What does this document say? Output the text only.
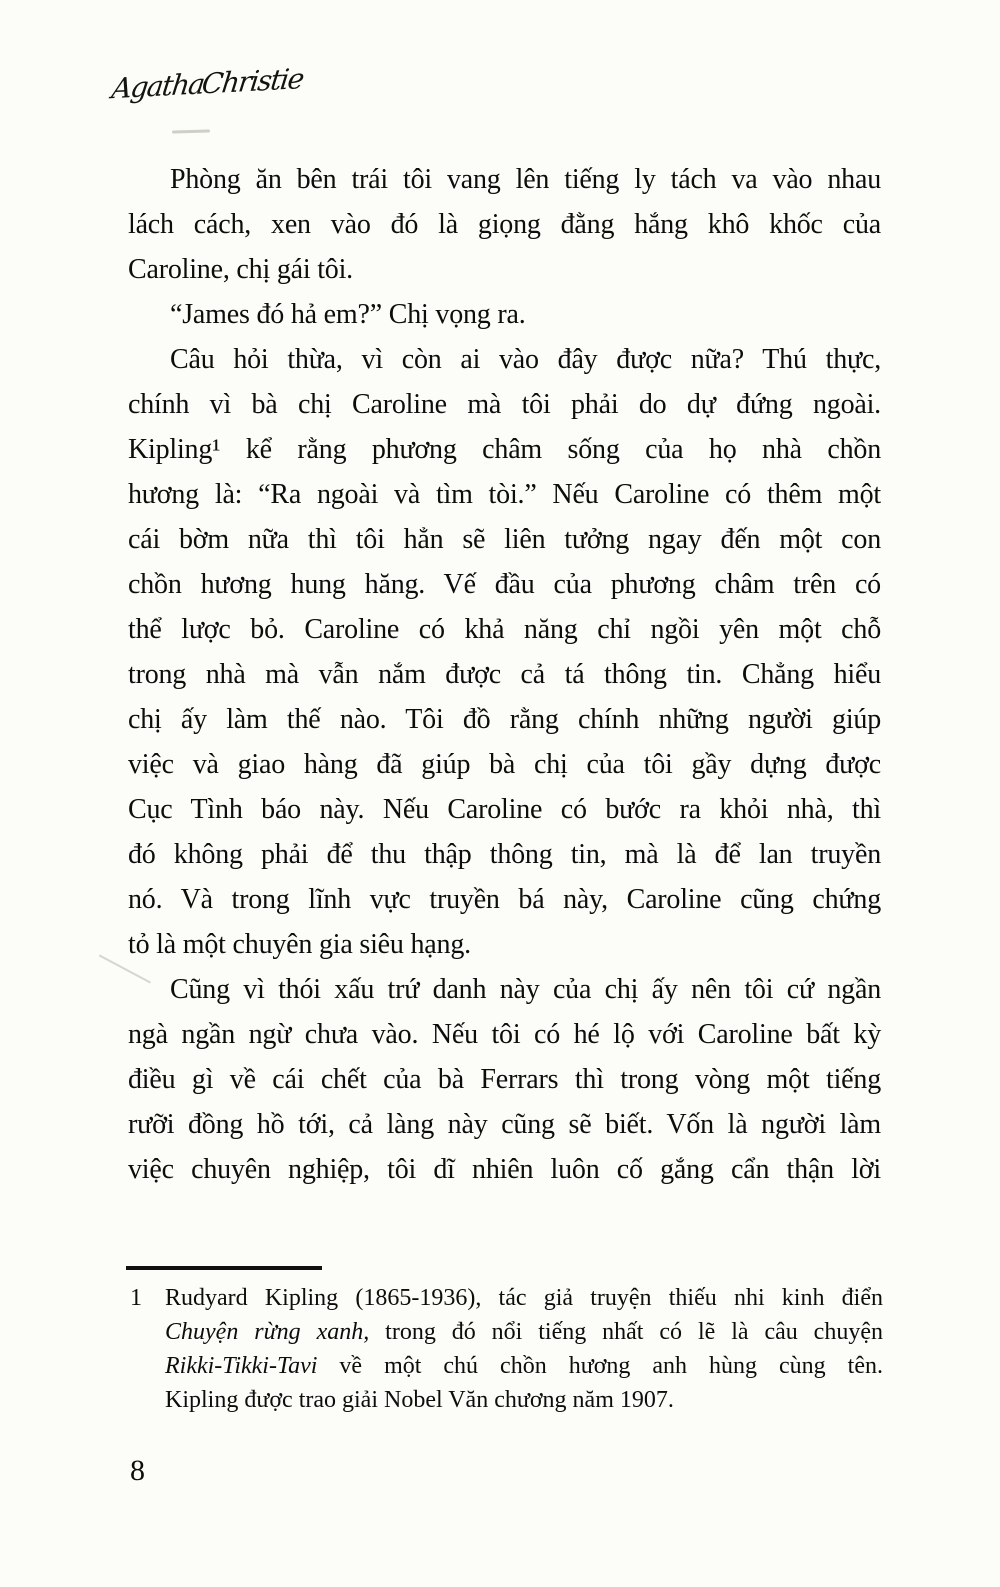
Agatha Christie
Phòng ăn bên trái tôi vang lên tiếng ly tách va vào nhau
lách cách, xen vào đó là giọng đằng hắng khô khốc của
Caroline, chị gái tôi.
“James đó hả em?” Chị vọng ra.
Câu hỏi thừa, vì còn ai vào đây được nữa? Thú thực,
chính vì bà chị Caroline mà tôi phải do dự đứng ngoài.
Kipling¹ kể rằng phương châm sống của họ nhà chồn
hương là: “Ra ngoài và tìm tòi.” Nếu Caroline có thêm một
cái bờm nữa thì tôi hẳn sẽ liên tưởng ngay đến một con
chồn hương hung hăng. Vế đầu của phương châm trên có
thể lược bỏ. Caroline có khả năng chỉ ngồi yên một chỗ
trong nhà mà vẫn nắm được cả tá thông tin. Chẳng hiểu
chị ấy làm thế nào. Tôi đồ rằng chính những người giúp
việc và giao hàng đã giúp bà chị của tôi gầy dựng được
Cục Tình báo này. Nếu Caroline có bước ra khỏi nhà, thì
đó không phải để thu thập thông tin, mà là để lan truyền
nó. Và trong lĩnh vực truyền bá này, Caroline cũng chứng
tỏ là một chuyên gia siêu hạng.
Cũng vì thói xấu trứ danh này của chị ấy nên tôi cứ ngần
ngà ngần ngừ chưa vào. Nếu tôi có hé lộ với Caroline bất kỳ
điều gì về cái chết của bà Ferrars thì trong vòng một tiếng
rưỡi đồng hồ tới, cả làng này cũng sẽ biết. Vốn là người làm
việc chuyên nghiệp, tôi dĩ nhiên luôn cố gắng cẩn thận lời
1 Rudyard Kipling (1865-1936), tác giả truyện thiếu nhi kinh điển
Chuyện rừng xanh, trong đó nổi tiếng nhất có lẽ là câu chuyện
Rikki-Tikki-Tavi về một chú chồn hương anh hùng cùng tên.
Kipling được trao giải Nobel Văn chương năm 1907.
8
